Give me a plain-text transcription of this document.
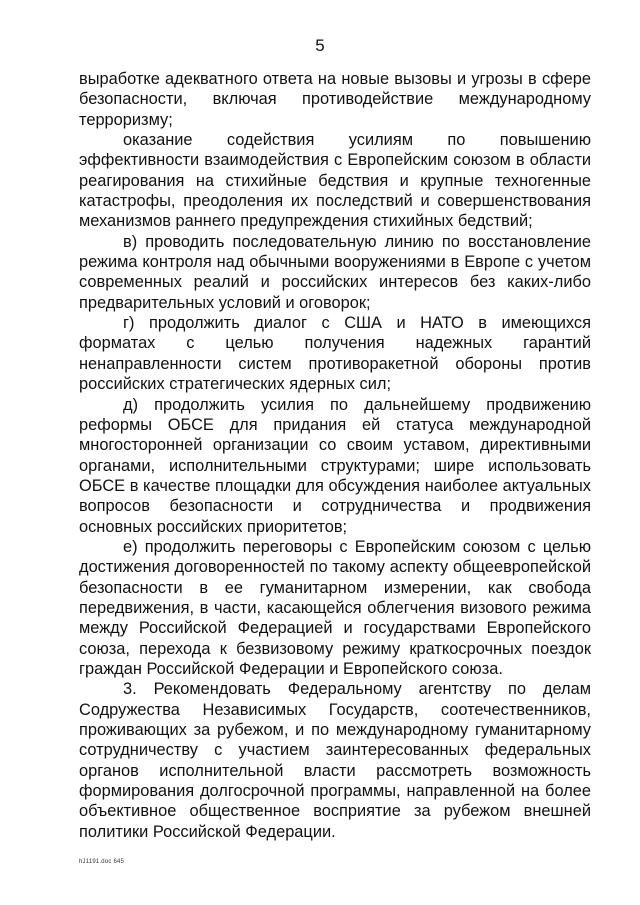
5

выработке адекватного ответа на новые вызовы и угрозы в сфере безопасности, включая противодействие международному терроризму;

оказание содействия усилиям по повышению эффективности взаимодействия с Европейским союзом в области реагирования на стихийные бедствия и крупные техногенные катастрофы, преодоления их последствий и совершенствования механизмов раннего предупреждения стихийных бедствий;

в) проводить последовательную линию по восстановление режима контроля над обычными вооружениями в Европе с учетом современных реалий и российских интересов без каких-либо предварительных условий и оговорок;

г) продолжить диалог с США и НАТО в имеющихся форматах с целью получения надежных гарантий ненаправленности систем противоракетной обороны против российских стратегических ядерных сил;

д) продолжить усилия по дальнейшему продвижению реформы ОБСЕ для придания ей статуса международной многосторонней организации со своим уставом, директивными органами, исполнительными структурами; шире использовать ОБСЕ в качестве площадки для обсуждения наиболее актуальных вопросов безопасности и сотрудничества и продвижения основных российских приоритетов;

е) продолжить переговоры с Европейским союзом с целью достижения договоренностей по такому аспекту общеевропейской безопасности в ее гуманитарном измерении, как свобода передвижения, в части, касающейся облегчения визового режима между Российской Федерацией и государствами Европейского союза, перехода к безвизовому режиму краткосрочных поездок граждан Российской Федерации и Европейского союза.

3. Рекомендовать Федеральному агентству по делам Содружества Независимых Государств, соотечественников, проживающих за рубежом, и по международному гуманитарному сотрудничеству с участием заинтересованных федеральных органов исполнительной власти рассмотреть возможность формирования долгосрочной программы, направленной на более объективное общественное восприятие за рубежом внешней политики Российской Федерации.

hJ1191.doc 645
